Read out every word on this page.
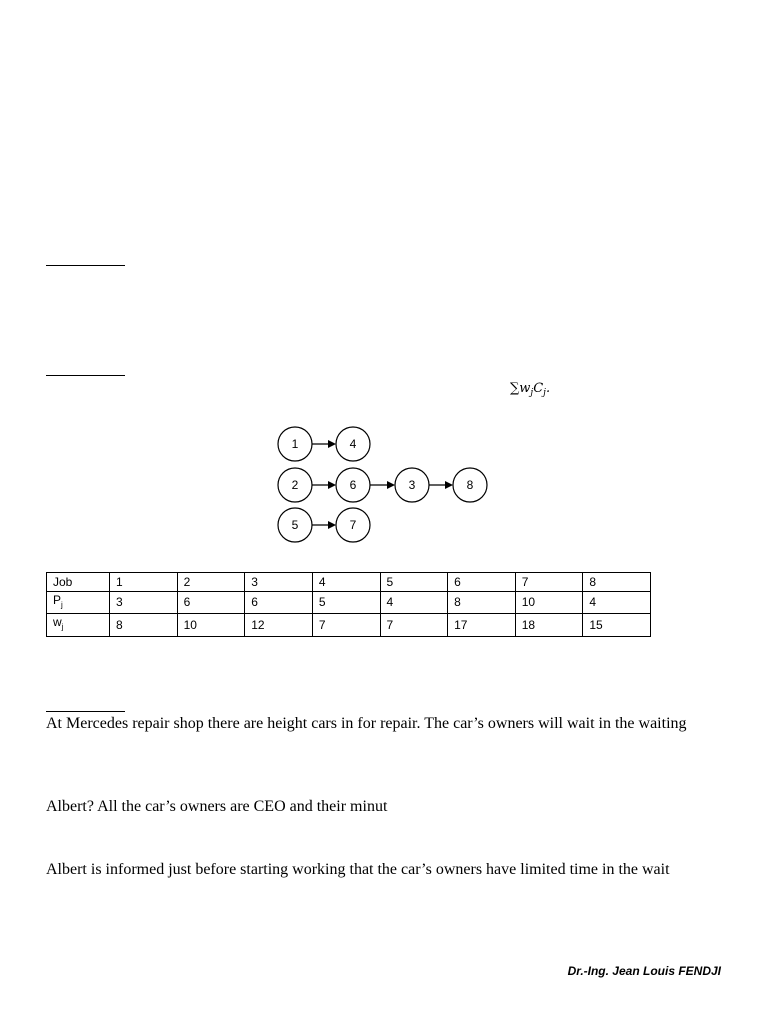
$\sum w_jC_j$.
1	4
2	6	3	8
5	7
Job	1	2	3	4	5	6	7	8
$P_j$	3	6	6	5	4	8	10	4
$w_j$	8	10	12	7	7	17	18	15
At Mercedes repair shop there are height cars in for repair. The car’s owners will wait in the waiting
Albert? All the car’s owners are CEO and their minut
Albert is informed just before starting working that the car’s owners have limited time in the wait
Dr.-Ing. Jean Louis FENDJI
